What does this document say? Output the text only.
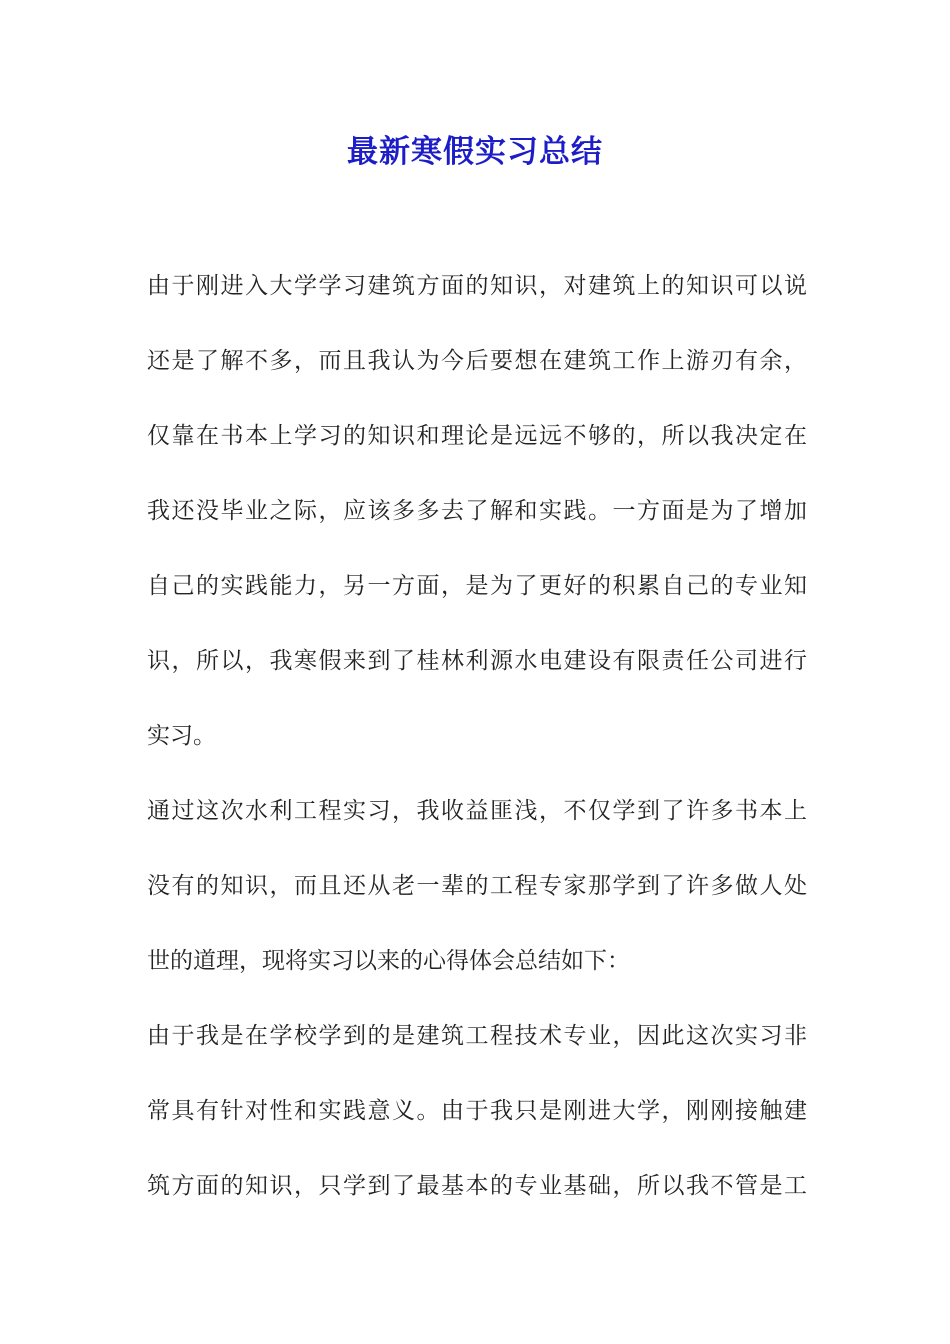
最新寒假实习总结
由于刚进入大学学习建筑方面的知识，对建筑上的知识可以说
还是了解不多，而且我认为今后要想在建筑工作上游刃有余，
仅靠在书本上学习的知识和理论是远远不够的，所以我决定在
我还没毕业之际，应该多多去了解和实践。一方面是为了增加
自己的实践能力，另一方面，是为了更好的积累自己的专业知
识，所以，我寒假来到了桂林利源水电建设有限责任公司进行
实习。
通过这次水利工程实习，我收益匪浅，不仅学到了许多书本上
没有的知识，而且还从老一辈的工程专家那学到了许多做人处
世的道理，现将实习以来的心得体会总结如下：
由于我是在学校学到的是建筑工程技术专业，因此这次实习非
常具有针对性和实践意义。由于我只是刚进大学，刚刚接触建
筑方面的知识，只学到了最基本的专业基础，所以我不管是工
